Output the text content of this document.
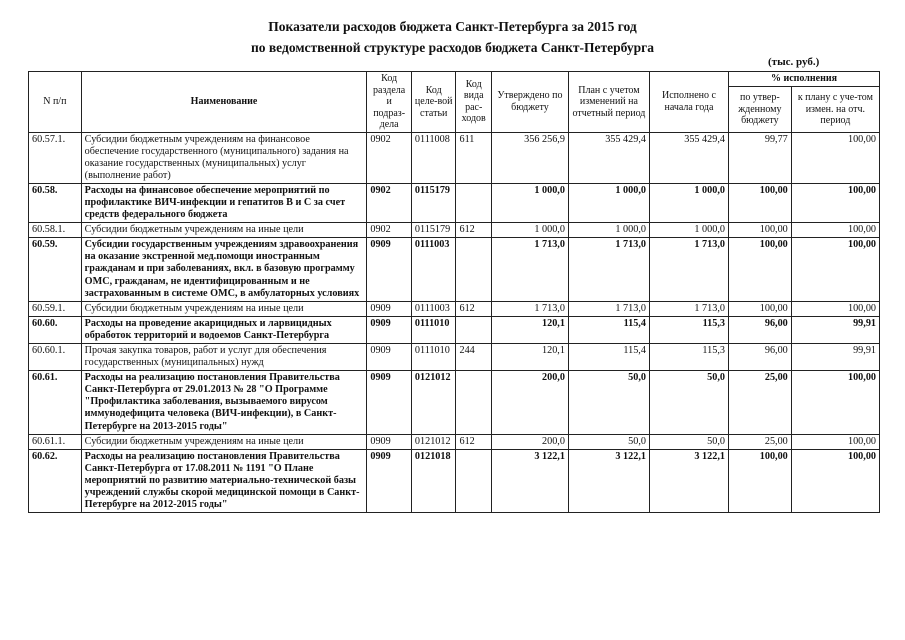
Показатели расходов бюджета Санкт-Петербурга за 2015 год
по ведомственной структуре расходов бюджета Санкт-Петербурга
(тыс. руб.)
N п/п	Наименование	Код раздела и подраз-дела	Код целе-вой статьи	Код вида рас-ходов	Утверждено по бюджету	План с учетом изменений на отчетный период	Исполнено с начала года	% исполнения	
								по утвер-жденному бюджету	к плану с уче-том измен. на отч. период
60.57.1.	Субсидии бюджетным учреждениям на финансовое обеспечение государственного (муниципального) задания на оказание государственных (муниципальных) услуг (выполнение работ)	0902	0111008	611	356 256,9	355 429,4	355 429,4	99,77	100,00
60.58.	Расходы на финансовое обеспечение мероприятий по профилактике ВИЧ-инфекции и гепатитов В и С за счет средств федерального бюджета	0902	0115179		1 000,0	1 000,0	1 000,0	100,00	100,00
60.58.1.	Субсидии бюджетным учреждениям на иные цели	0902	0115179	612	1 000,0	1 000,0	1 000,0	100,00	100,00
60.59.	Субсидии государственным учреждениям здравоохранения на оказание экстренной мед.помощи иностранным гражданам и при заболеваниях, вкл. в базовую программу ОМС, гражданам, не идентифицированным и не застрахованным в системе ОМС, в амбулаторных условиях	0909	0111003		1 713,0	1 713,0	1 713,0	100,00	100,00
60.59.1.	Субсидии бюджетным учреждениям на иные цели	0909	0111003	612	1 713,0	1 713,0	1 713,0	100,00	100,00
60.60.	Расходы на проведение акарицидных и ларвицидных обработок территорий и водоемов Санкт-Петербурга	0909	0111010		120,1	115,4	115,3	96,00	99,91
60.60.1.	Прочая закупка товаров, работ и услуг для обеспечения государственных (муниципальных) нужд	0909	0111010	244	120,1	115,4	115,3	96,00	99,91
60.61.	Расходы на реализацию постановления Правительства Санкт-Петербурга от 29.01.2013 № 28 "О Программе "Профилактика заболевания, вызываемого вирусом иммунодефицита человека (ВИЧ-инфекции), в Санкт-Петербурге на 2013-2015 годы"	0909	0121012		200,0	50,0	50,0	25,00	100,00
60.61.1.	Субсидии бюджетным учреждениям на иные цели	0909	0121012	612	200,0	50,0	50,0	25,00	100,00
60.62.	Расходы на реализацию постановления Правительства Санкт-Петербурга от 17.08.2011 № 1191 "О Плане мероприятий по развитию материально-технической базы учреждений службы скорой медицинской помощи в Санкт-Петербурге на 2012-2015 годы"	0909	0121018		3 122,1	3 122,1	3 122,1	100,00	100,00
